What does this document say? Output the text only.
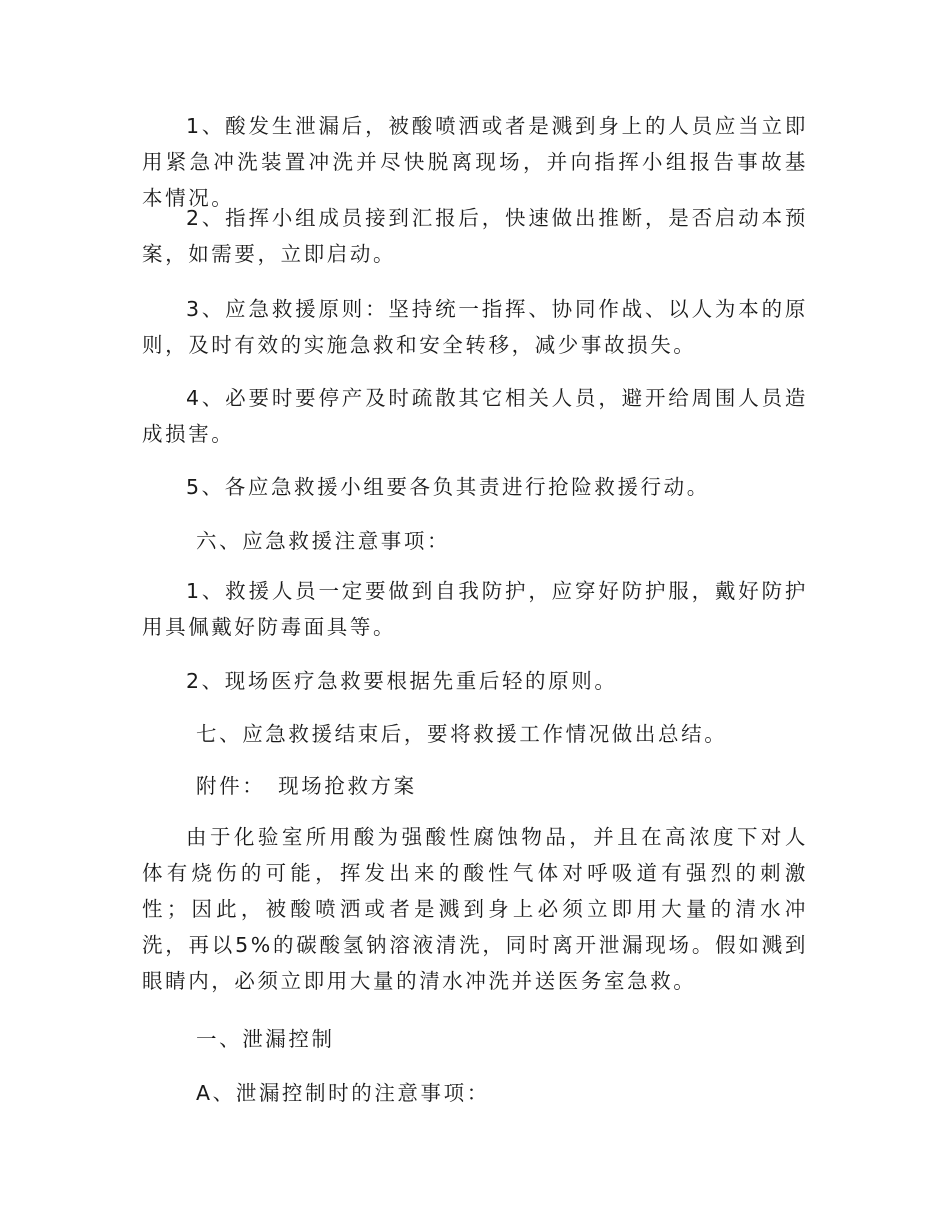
1、酸发生泄漏后，被酸喷洒或者是溅到身上的人员应当立即用紧急冲洗装置冲洗并尽快脱离现场，并向指挥小组报告事故基本情况。

2、指挥小组成员接到汇报后，快速做出推断，是否启动本预案，如需要，立即启动。

3、应急救援原则：坚持统一指挥、协同作战、以人为本的原则，及时有效的实施急救和安全转移，减少事故损失。

4、必要时要停产及时疏散其它相关人员，避开给周围人员造成损害。

5、各应急救援小组要各负其责进行抢险救援行动。

六、应急救援注意事项：

1、救援人员一定要做到自我防护，应穿好防护服，戴好防护用具佩戴好防毒面具等。

2、现场医疗急救要根据先重后轻的原则。

七、应急救援结束后，要将救援工作情况做出总结。

附件：　现场抢救方案

由于化验室所用酸为强酸性腐蚀物品，并且在高浓度下对人体有烧伤的可能，挥发出来的酸性气体对呼吸道有强烈的刺激性；因此，被酸喷洒或者是溅到身上必须立即用大量的清水冲洗，再以5%的碳酸氢钠溶液清洗，同时离开泄漏现场。假如溅到眼睛内，必须立即用大量的清水冲洗并送医务室急救。

一、泄漏控制

A、泄漏控制时的注意事项：
